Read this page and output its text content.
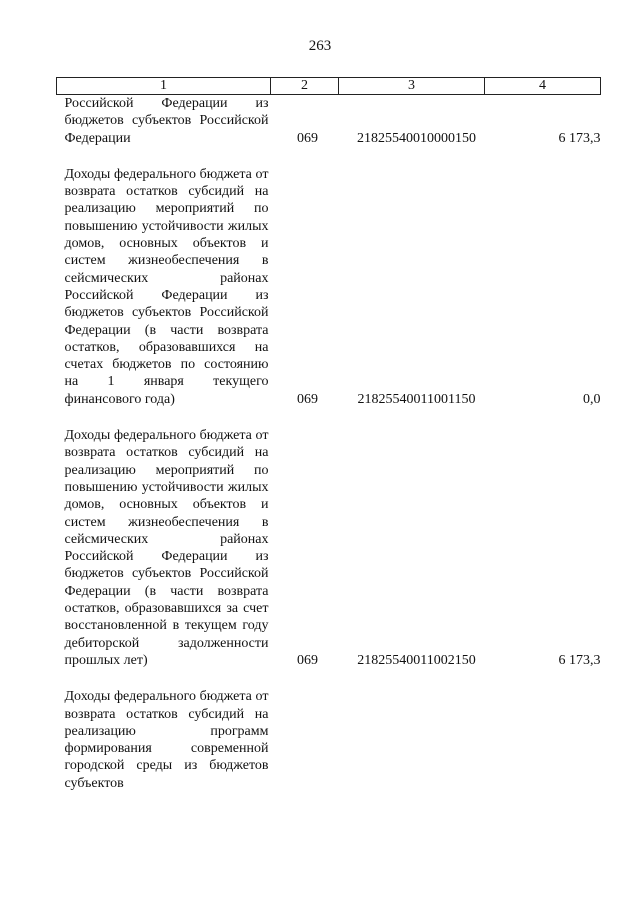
263
1	2	3	4
Российской Федерации из бюджетов субъектов Российской Федерации	069	21825540010000150	6 173,3

Доходы федерального бюджета от возврата остатков субсидий на реализацию мероприятий по повышению устойчивости жилых домов, основных объектов и систем жизнеобеспечения в сейсмических районах Российской Федерации из бюджетов субъектов Российской Федерации (в части возврата остатков, образовавшихся на счетах бюджетов по состоянию на 1 января текущего финансового года)	069	21825540011001150	0,0

Доходы федерального бюджета от возврата остатков субсидий на реализацию мероприятий по повышению устойчивости жилых домов, основных объектов и систем жизнеобеспечения в сейсмических районах Российской Федерации из бюджетов субъектов Российской Федерации (в части возврата остатков, образовавшихся за счет восстановленной в текущем году дебиторской задолженности прошлых лет)	069	21825540011002150	6 173,3

Доходы федерального бюджета от возврата остатков субсидий на реализацию программ формирования современной городской среды из бюджетов субъектов			
